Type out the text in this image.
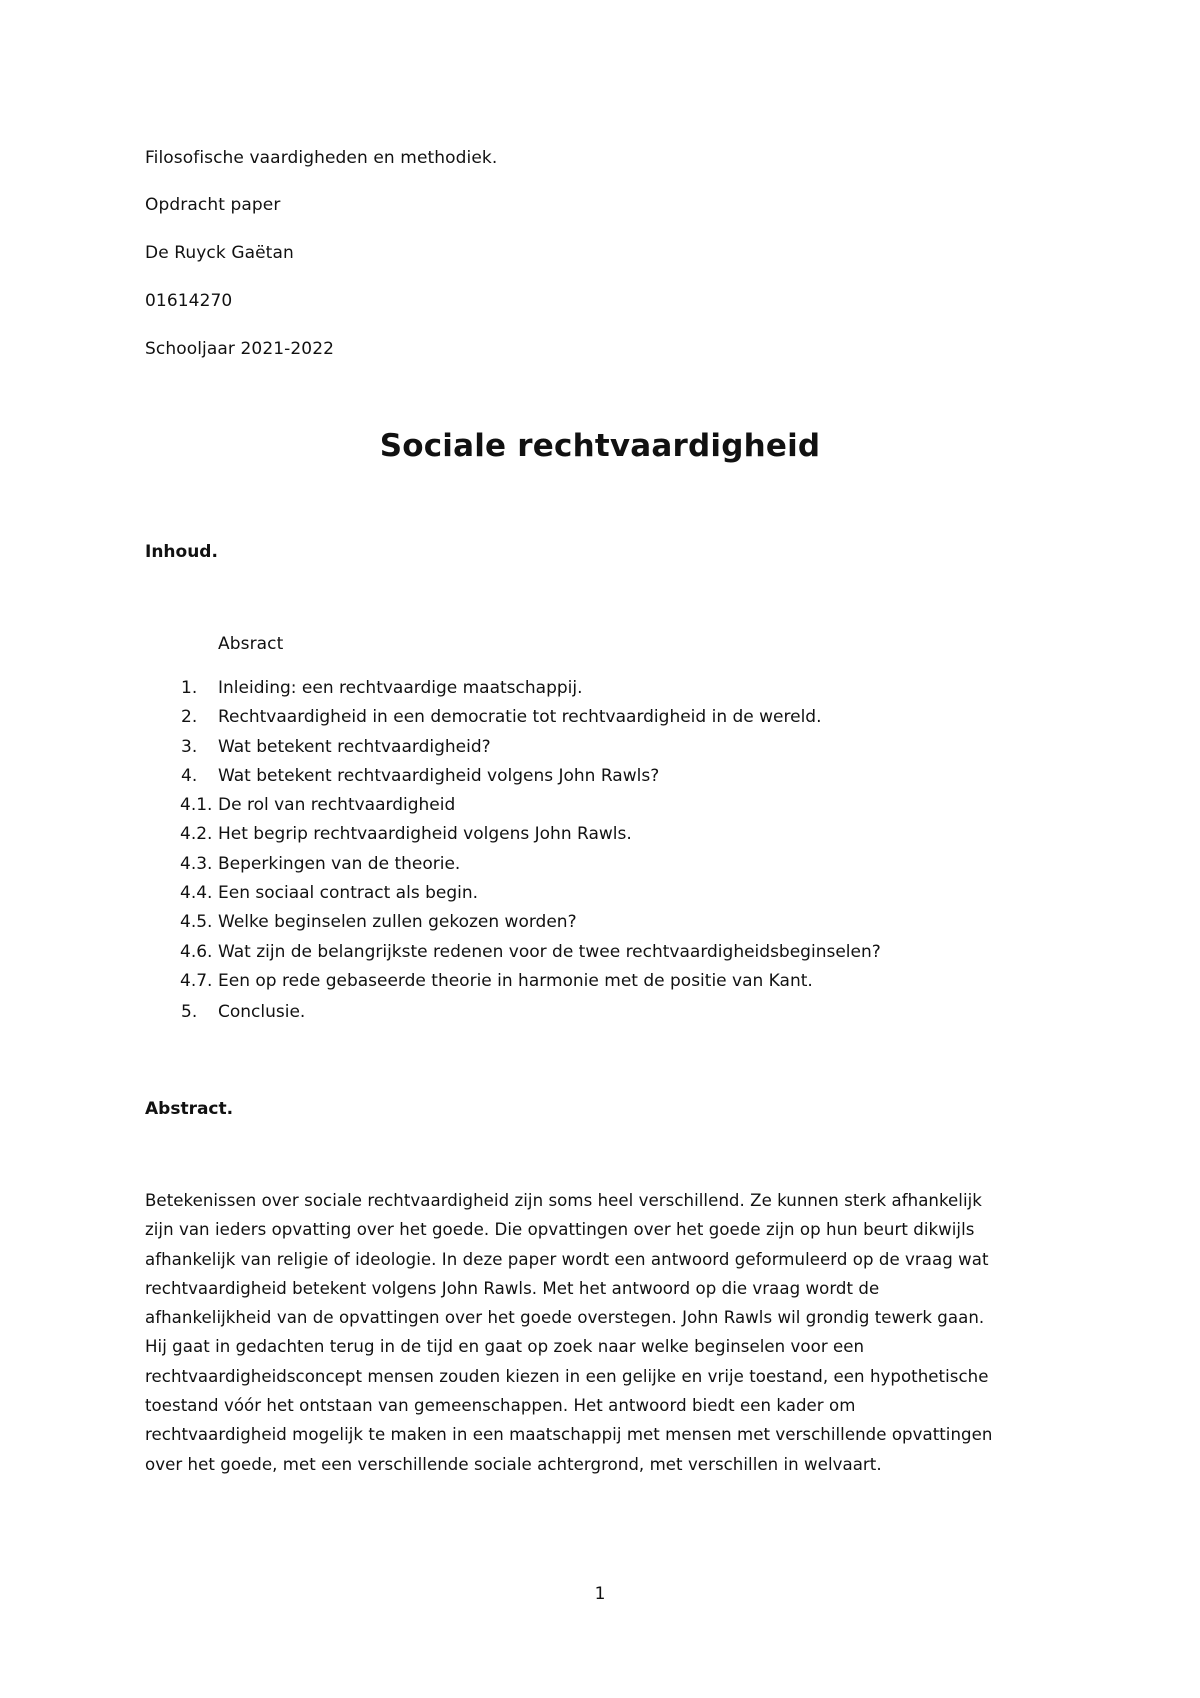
Filosofische vaardigheden en methodiek.
Opdracht paper
De Ruyck Gaëtan
01614270
Schooljaar 2021-2022
Sociale rechtvaardigheid
Inhoud.
Absract
1. Inleiding: een rechtvaardige maatschappij.
2. Rechtvaardigheid in een democratie tot rechtvaardigheid in de wereld.
3. Wat betekent rechtvaardigheid?
4. Wat betekent rechtvaardigheid volgens John Rawls?
4.1. De rol van rechtvaardigheid
4.2. Het begrip rechtvaardigheid volgens John Rawls.
4.3. Beperkingen van de theorie.
4.4. Een sociaal contract als begin.
4.5. Welke beginselen zullen gekozen worden?
4.6. Wat zijn de belangrijkste redenen voor de twee rechtvaardigheidsbeginselen?
4.7. Een op rede gebaseerde theorie in harmonie met de positie van Kant.
5. Conclusie.
Abstract.
Betekenissen over sociale rechtvaardigheid zijn soms heel verschillend. Ze kunnen sterk afhankelijk
zijn van ieders opvatting over het goede. Die opvattingen over het goede zijn op hun beurt dikwijls
afhankelijk van religie of ideologie. In deze paper wordt een antwoord geformuleerd op de vraag wat
rechtvaardigheid betekent volgens John Rawls. Met het antwoord op die vraag wordt de
afhankelijkheid van de opvattingen over het goede overstegen. John Rawls wil grondig tewerk gaan.
Hij gaat in gedachten terug in de tijd en gaat op zoek naar welke beginselen voor een
rechtvaardigheidsconcept mensen zouden kiezen in een gelijke en vrije toestand, een hypothetische
toestand vóór het ontstaan van gemeenschappen. Het antwoord biedt een kader om
rechtvaardigheid mogelijk te maken in een maatschappij met mensen met verschillende opvattingen
over het goede, met een verschillende sociale achtergrond, met verschillen in welvaart.
1
